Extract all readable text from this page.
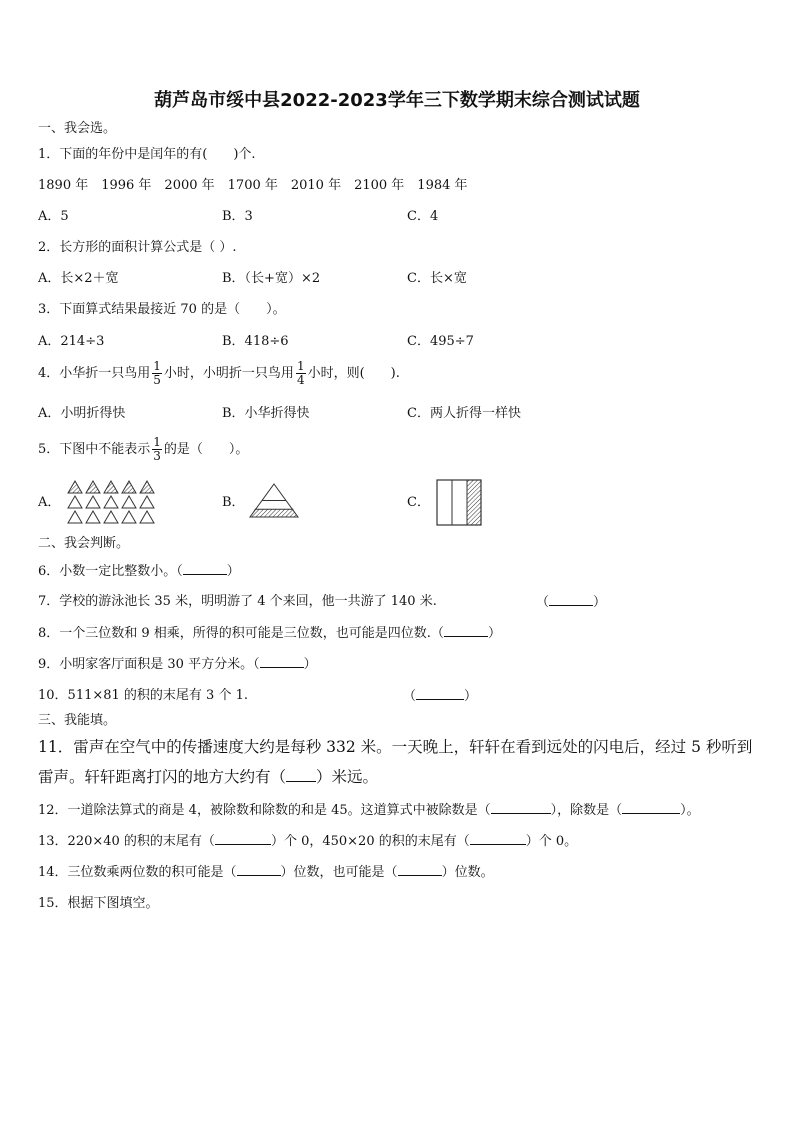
葫芦岛市绥中县2022-2023学年三下数学期末综合测试试题
一、我会选。
1．下面的年份中是闰年的有(　　)个.
1890 年  1996 年  2000 年  1700 年  2010 年  2100 年  1984 年
A．5	B．3	C．4
2．长方形的面积计算公式是（ ）.
A．长×2＋宽	B．（长+宽）×2	C．长×宽
3．下面算式结果最接近 70 的是（　　）。
A．214÷3	B．418÷6	C．495÷7
4．小华折一只鸟用 $\frac{1}{5}$ 小时，小明折一只鸟用 $\frac{1}{4}$ 小时，则(　　).
A．小明折得快	B．小华折得快	C．两人折得一样快
5．下图中不能表示 $\frac{1}{3}$ 的是（　　）。
A．	B．	C．
二、我会判断。
6．小数一定比整数小。（	）
7．学校的游泳池长 35 米，明明游了 4 个来回，他一共游了 140 米.	（	）
8．一个三位数和 9 相乘，所得的积可能是三位数，也可能是四位数.（	）
9．小明家客厅面积是 30 平方分米。（	）
10．511×81 的积的末尾有 3 个 1.	（	）
三、我能填。
11．雷声在空气中的传播速度大约是每秒 332 米。一天晚上，轩轩在看到远处的闪电后，经过 5 秒听到
雷声。轩轩距离打闪的地方大约有（ ）米远。
12．一道除法算式的商是 4，被除数和除数的和是 45。这道算式中被除数是（	），除数是（	）。
13．220×40 的积的末尾有（	）个 0，450×20 的积的末尾有（	）个 0。
14．三位数乘两位数的积可能是（	）位数，也可能是（	）位数。
15．根据下图填空。
